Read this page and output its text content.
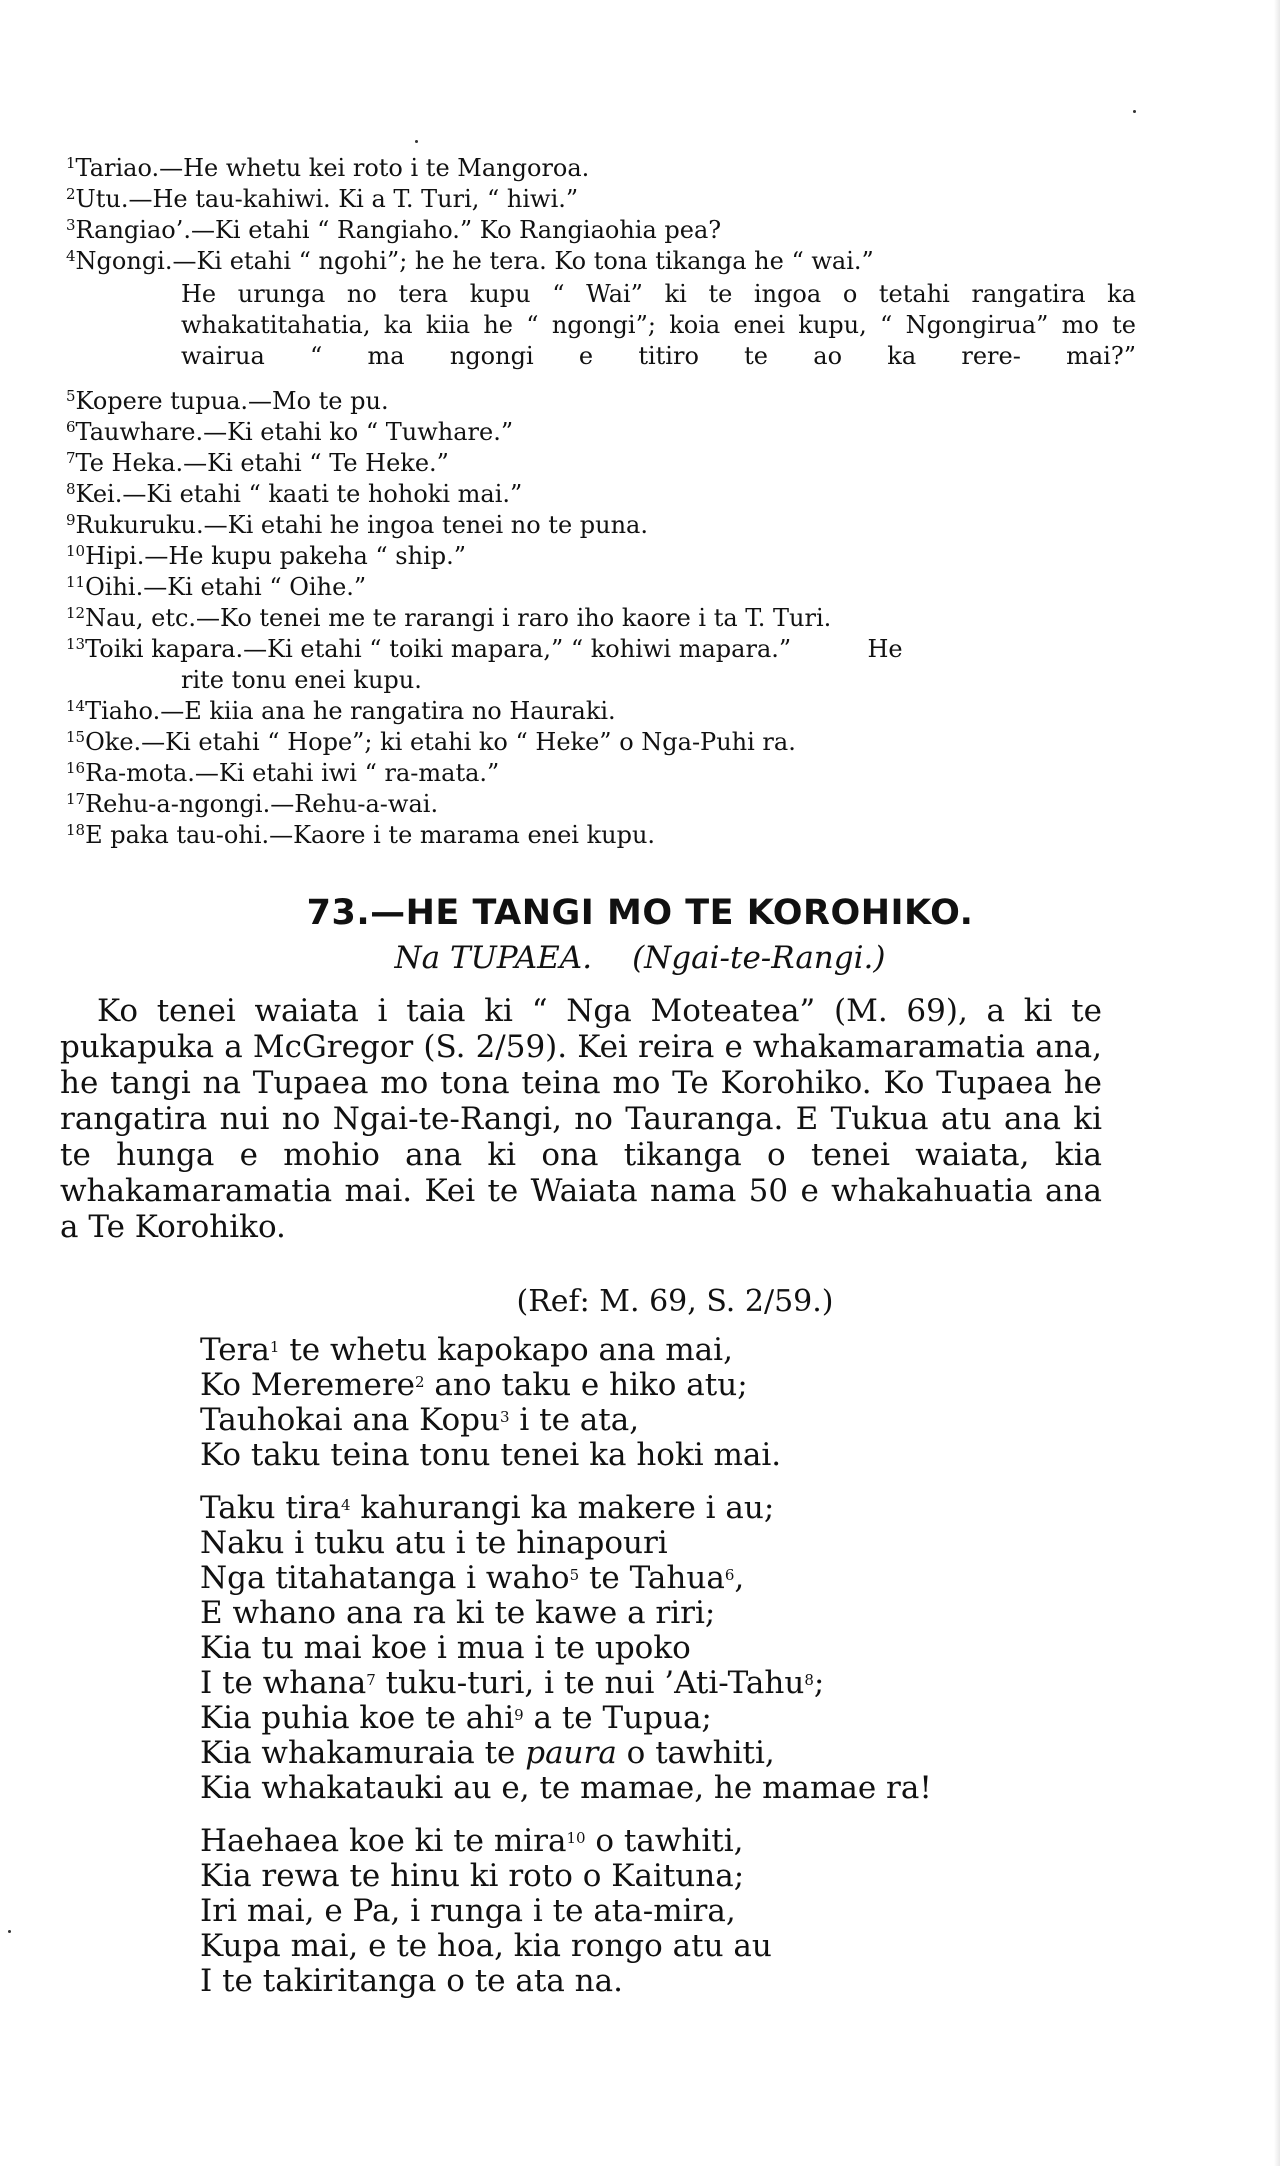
$^1$Tariao.—He whetu kei roto i te Mangoroa.
$^2$Utu.—He tau-kahiwi. Ki a T. Turi, “ hiwi.”
$^3$Rangiao’.—Ki etahi “ Rangiaho.” Ko Rangiaohia pea?
$^4$Ngongi.—Ki etahi “ ngohi”; he he tera. Ko tona tikanga he “ wai.”
He urunga no tera kupu “ Wai” ki te ingoa o tetahi rangatira ka whakatitahatia, ka kiia he “ ngongi”; koia enei kupu, “ Ngongirua” mo te wairua “ ma ngongi e titiro te ao ka rere- mai?”
$^5$Kopere tupua.—Mo te pu.
$^6$Tauwhare.—Ki etahi ko “ Tuwhare.”
$^7$Te Heka.—Ki etahi “ Te Heke.”
$^8$Kei.—Ki etahi “ kaati te hohoki mai.”
$^9$Rukuruku.—Ki etahi he ingoa tenei no te puna.
$^{10}$Hipi.—He kupu pakeha “ ship.”
$^{11}$Oihi.—Ki etahi “ Oihe.”
$^{12}$Nau, etc.—Ko tenei me te rarangi i raro iho kaore i ta T. Turi.
$^{13}$Toiki kapara.—Ki etahi “ toiki mapara,” “ kohiwi mapara.”          He
rite tonu enei kupu.
$^{14}$Tiaho.—E kiia ana he rangatira no Hauraki.
$^{15}$Oke.—Ki etahi “ Hope”; ki etahi ko “ Heke” o Nga-Puhi ra.
$^{16}$Ra-mota.—Ki etahi iwi “ ra-mata.”
$^{17}$Rehu-a-ngongi.—Rehu-a-wai.
$^{18}$E paka tau-ohi.—Kaore i te marama enei kupu.
73.—HE TANGI MO TE KOROHIKO.
Na TUPAEA. (Ngai-te-Rangi.)

Ko tenei waiata i taia ki “ Nga Moteatea” (M. 69), a ki te pukapuka a McGregor (S. 2/59). Kei reira e whakamaramatia ana, he tangi na Tupaea mo tona teina mo Te Korohiko. Ko Tupaea he rangatira nui no Ngai-te-Rangi, no Tauranga. E Tukua atu ana ki te hunga e mohio ana ki ona tikanga o tenei waiata, kia whakamaramatia mai. Kei te Waiata nama 50 e whakahuatia ana a Te Korohiko.

(Ref: M. 69, S. 2/59.)
Tera$^1$ te whetu kapokapo ana mai,
Ko Meremere$^2$ ano taku e hiko atu;
Tauhokai ana Kopu$^3$ i te ata,
Ko taku teina tonu tenei ka hoki mai.
Taku tira$^4$ kahurangi ka makere i au;
Naku i tuku atu i te hinapouri
Nga titahatanga i waho$^5$ te Tahua$^6$,
E whano ana ra ki te kawe a riri;
Kia tu mai koe i mua i te upoko
I te whana$^7$ tuku-turi, i te nui ’Ati-Tahu$^8$;
Kia puhia koe te ahi$^9$ a te Tupua;
Kia whakamuraia te paura o tawhiti,
Kia whakatauki au e, te mamae, he mamae ra!
Haehaea koe ki te mira$^{10}$ o tawhiti,
Kia rewa te hinu ki roto o Kaituna;
Iri mai, e Pa, i runga i te ata-mira,
Kupa mai, e te hoa, kia rongo atu au
I te takiritanga o te ata na.
